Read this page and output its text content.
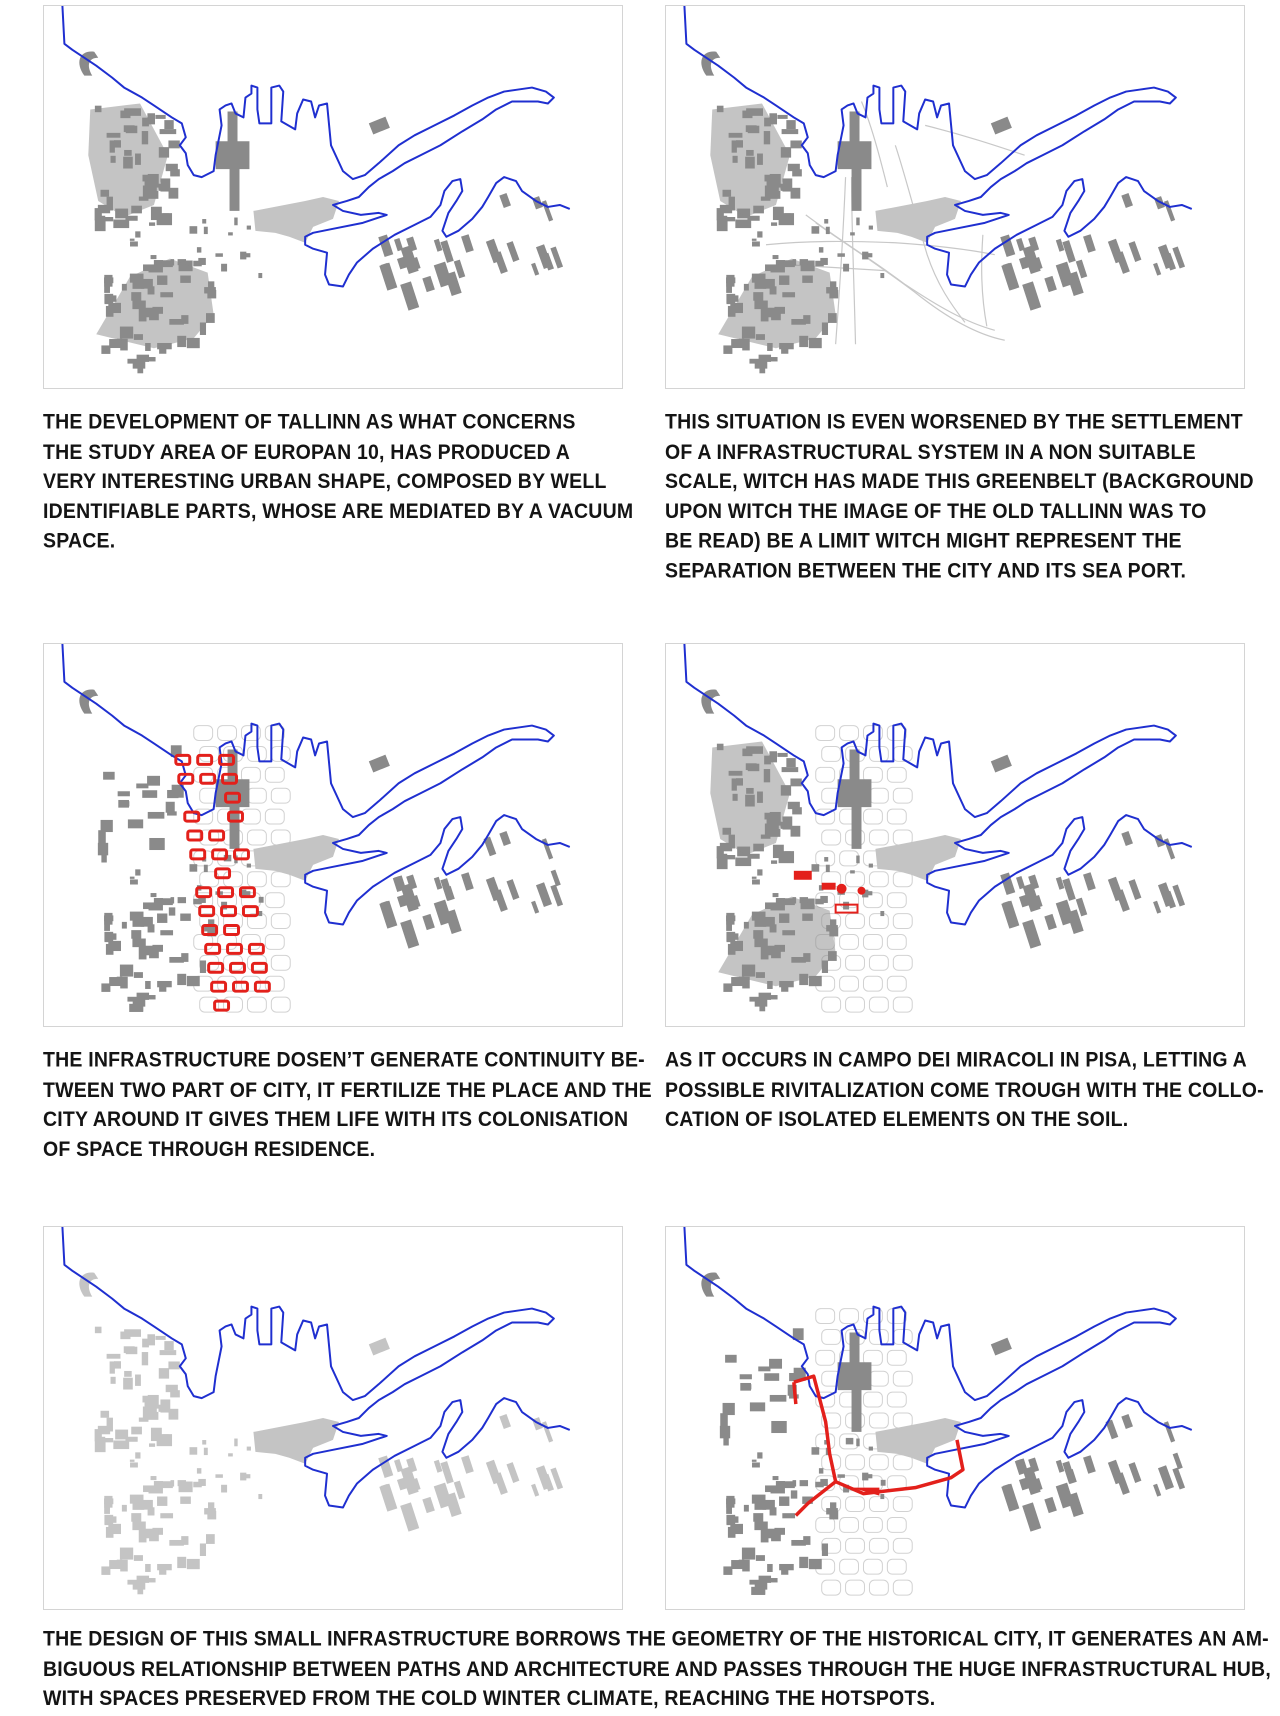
THE DEVELOPMENT OF TALLINN AS WHAT CONCERNS
THE STUDY AREA OF EUROPAN 10, HAS PRODUCED A
VERY INTERESTING URBAN SHAPE, COMPOSED BY WELL
IDENTIFIABLE PARTS, WHOSE ARE MEDIATED BY A VACUUM
SPACE.

THIS SITUATION IS EVEN WORSENED BY THE SETTLEMENT
OF A INFRASTRUCTURAL SYSTEM IN A NON SUITABLE
SCALE, WITCH HAS MADE THIS GREENBELT (BACKGROUND
UPON WITCH THE IMAGE OF THE OLD TALLINN WAS TO
BE READ) BE A LIMIT WITCH MIGHT REPRESENT THE
SEPARATION BETWEEN THE CITY AND ITS SEA PORT.

THE INFRASTRUCTURE DOSEN’T GENERATE CONTINUITY BE-
TWEEN TWO PART OF CITY, IT FERTILIZE THE PLACE AND THE
CITY AROUND IT GIVES THEM LIFE WITH ITS COLONISATION
OF SPACE THROUGH RESIDENCE.

AS IT OCCURS IN CAMPO DEI MIRACOLI IN PISA, LETTING A
POSSIBLE RIVITALIZATION COME TROUGH WITH THE COLLO-
CATION OF ISOLATED ELEMENTS ON THE SOIL.

THE DESIGN OF THIS SMALL INFRASTRUCTURE BORROWS THE GEOMETRY OF THE HISTORICAL CITY, IT GENERATES AN AM-
BIGUOUS RELATIONSHIP BETWEEN PATHS AND ARCHITECTURE AND PASSES THROUGH THE HUGE INFRASTRUCTURAL HUB,
WITH SPACES PRESERVED FROM THE COLD WINTER CLIMATE, REACHING THE HOTSPOTS.
